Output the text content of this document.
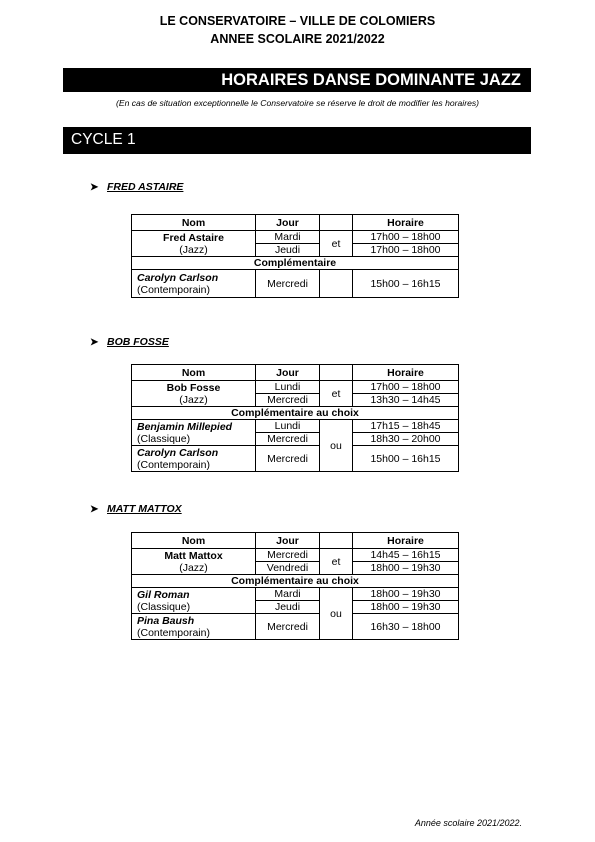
LE CONSERVATOIRE – VILLE DE COLOMIERS
ANNEE SCOLAIRE 2021/2022
HORAIRES DANSE DOMINANTE JAZZ
(En cas de situation exceptionnelle le Conservatoire se réserve le droit de modifier les horaires)
CYCLE 1
➤ FRED ASTAIRE
Nom	Jour		Horaire

Fred Astaire
(Jazz)	Mardi	et	17h00 – 18h00
	Jeudi		17h00 – 18h00
Complémentaire			

Carolyn Carlson
(Contemporain)	Mercredi		15h00 – 16h15
➤ BOB FOSSE
Nom	Jour		Horaire

Bob Fosse
(Jazz)	Lundi	et	17h00 – 18h00
	Mercredi		13h30 – 14h45
Complémentaire au choix			

Benjamin Millepied
(Classique)	Lundi	ou	17h15 – 18h45
	Mercredi		18h30 – 20h00

Carolyn Carlson
(Contemporain)	Mercredi		15h00 – 16h15
➤ MATT MATTOX
Nom	Jour		Horaire

Matt Mattox
(Jazz)	Mercredi	et	14h45 – 16h15
	Vendredi		18h00 – 19h30
Complémentaire au choix			

Gil Roman
(Classique)	Mardi	ou	18h00 – 19h30
	Jeudi		18h00 – 19h30

Pina Baush
(Contemporain)	Mercredi		16h30 – 18h00
Année scolaire 2021/2022.
